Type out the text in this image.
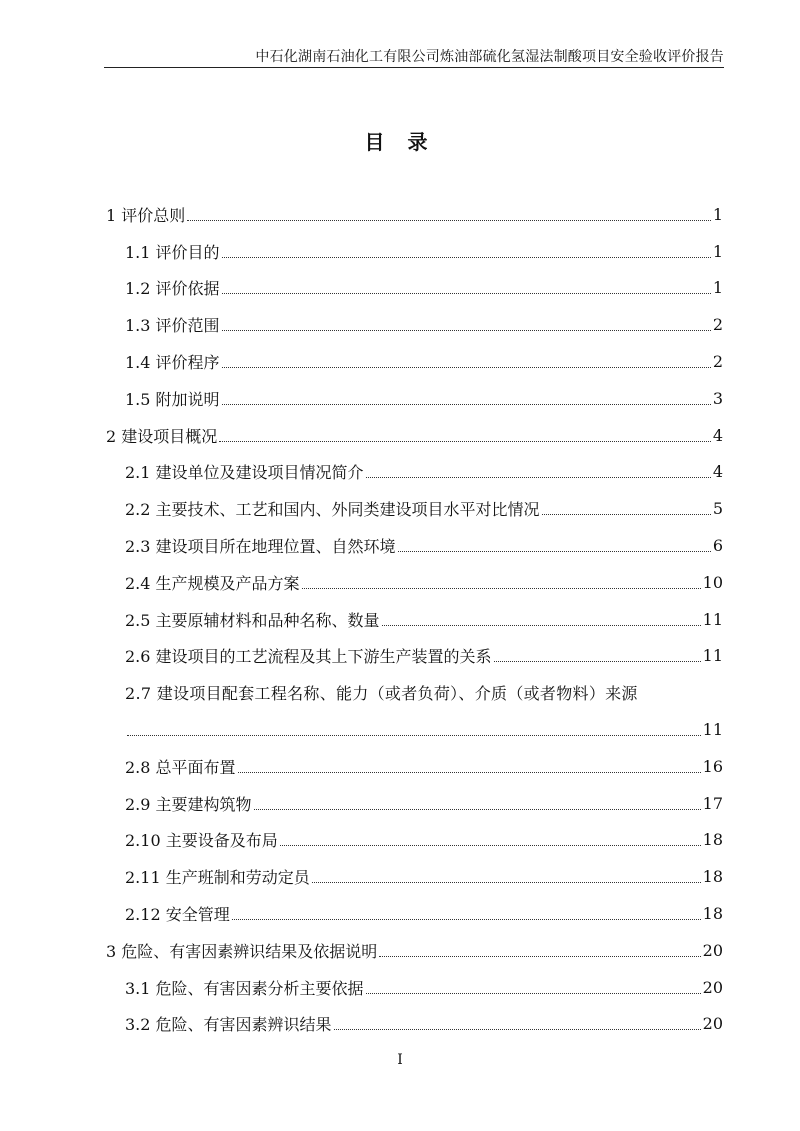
中石化湖南石油化工有限公司炼油部硫化氢湿法制酸项目安全验收评价报告
目 录
1 评价总则	1
1.1 评价目的	1
1.2 评价依据	1
1.3 评价范围	2
1.4 评价程序	2
1.5 附加说明	3
2 建设项目概况	4
2.1 建设单位及建设项目情况简介	4
2.2 主要技术、工艺和国内、外同类建设项目水平对比情况	5
2.3 建设项目所在地理位置、自然环境	6
2.4 生产规模及产品方案	10
2.5 主要原辅材料和品种名称、数量	11
2.6 建设项目的工艺流程及其上下游生产装置的关系	11
2.7 建设项目配套工程名称、能力（或者负荷）、介质（或者物料）来源
11
2.8 总平面布置	16
2.9 主要建构筑物	17
2.10 主要设备及布局	18
2.11 生产班制和劳动定员	18
2.12 安全管理	18
3 危险、有害因素辨识结果及依据说明	20
3.1 危险、有害因素分析主要依据	20
3.2 危险、有害因素辨识结果	20
I
